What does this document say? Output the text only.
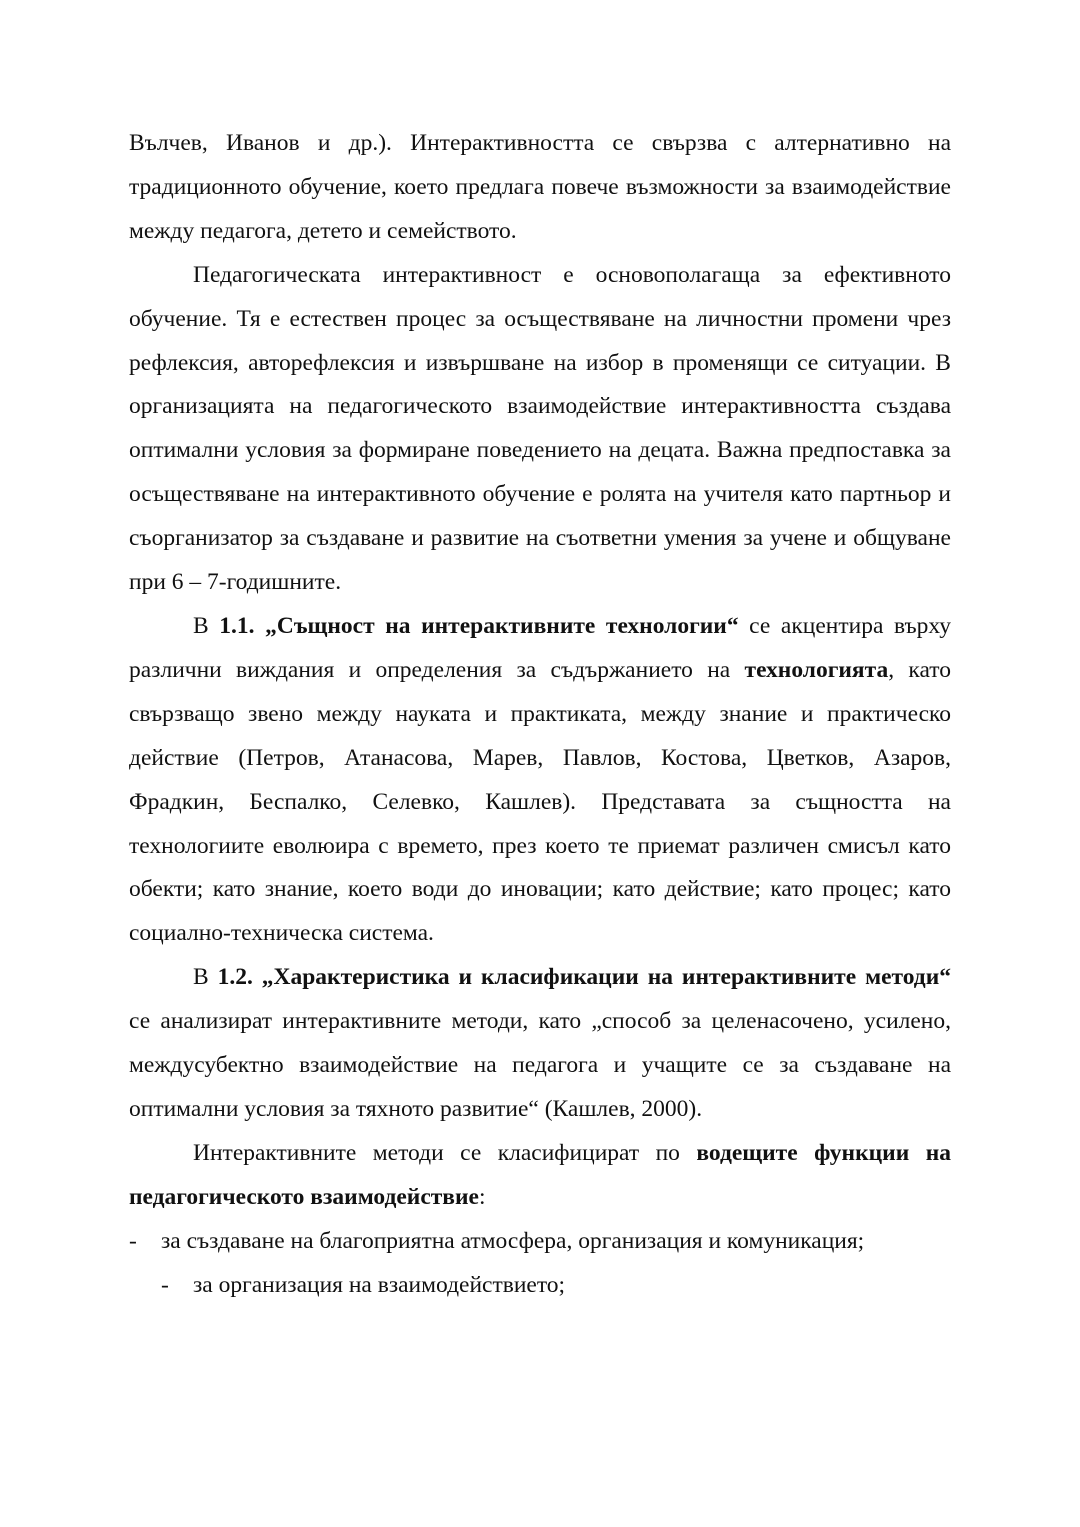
Вълчев, Иванов и др.). Интерактивността се свързва с алтернативно на традиционното обучение, което предлага повече възможности за взаимодействие между педагога, детето и семейството.

Педагогическата интерактивност е основополагаща за ефективното обучение. Тя е естествен процес за осъществяване на личностни промени чрез рефлексия, авторефлексия и извършване на избор в променящи се ситуации. В организацията на педагогическото взаимодействие интерактивността създава оптимални условия за формиране поведението на децата. Важна предпоставка за осъществяване на интерактивното обучение е ролята на учителя като партньор и съорганизатор за създаване и развитие на съответни умения за учене и общуване при 6 – 7-годишните.

В 1.1. „Същност на интерактивните технологии“ се акцентира върху различни виждания и определения за съдържанието на технологията, като свързващо звено между науката и практиката, между знание и практическо действие (Петров, Атанасова, Марев, Павлов, Костова, Цветков, Азаров, Фрадкин, Беспалко, Селевко, Кашлев). Представата за същността на технологиите еволюира с времето, през което те приемат различен смисъл като обекти; като знание, което води до иновации; като действие; като процес; като социално-техническа система.

В 1.2. „Характеристика и класификации на интерактивните методи“ се анализират интерактивните методи, като „способ за целенасочено, усилено, междусубектно взаимодействие на педагога и учащите се за създаване на оптимални условия за тяхното развитие“ (Кашлев, 2000).

Интерактивните методи се класифицират по водещите функции на педагогическото взаимодействие:

- за създаване на благоприятна атмосфера, организация и комуникация;

- за организация на взаимодействието;
